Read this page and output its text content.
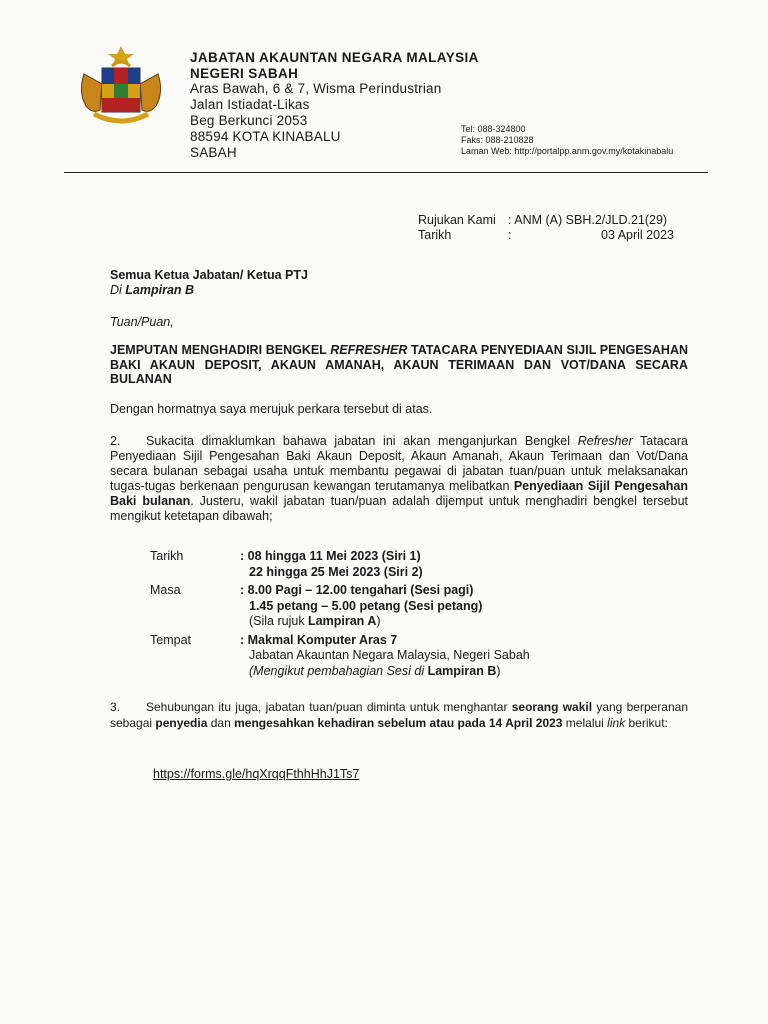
JABATAN AKAUNTAN NEGARA MALAYSIA
NEGERI SABAH
Aras Bawah, 6 & 7, Wisma Perindustrian
Jalan Istiadat-Likas
Beg Berkunci 2053
88594 KOTA KINABALU
SABAH
Tel: 088-324800
Faks: 088-210828
Laman Web: http://portalpp.anm.gov.my/kotakinabalu
Rujukan Kami : ANM (A) SBH.2/JLD.21(29)
Tarikh	:	03 April 2023
Semua Ketua Jabatan/ Ketua PTJ
Di Lampiran B
Tuan/Puan,
JEMPUTAN MENGHADIRI BENGKEL REFRESHER TATACARA PENYEDIAAN SIJIL PENGESAHAN BAKI AKAUN DEPOSIT, AKAUN AMANAH, AKAUN TERIMAAN DAN VOT/DANA SECARA BULANAN
Dengan hormatnya saya merujuk perkara tersebut di atas.
2. Sukacita dimaklumkan bahawa jabatan ini akan menganjurkan Bengkel Refresher Tatacara Penyediaan Sijil Pengesahan Baki Akaun Deposit, Akaun Amanah, Akaun Terimaan dan Vot/Dana secara bulanan sebagai usaha untuk membantu pegawai di jabatan tuan/puan untuk melaksanakan tugas-tugas berkenaan pengurusan kewangan terutamanya melibatkan Penyediaan Sijil Pengesahan Baki bulanan. Justeru, wakil jabatan tuan/puan adalah dijemput untuk menghadiri bengkel tersebut mengikut ketetapan dibawah;
Tarikh	: 08 hingga 11 Mei 2023 (Siri 1)
22 hingga 25 Mei 2023 (Siri 2)
Masa	: 8.00 Pagi – 12.00 tengahari (Sesi pagi)
1.45 petang – 5.00 petang (Sesi petang)
(Sila rujuk Lampiran A)
Tempat	: Makmal Komputer Aras 7
Jabatan Akauntan Negara Malaysia, Negeri Sabah
(Mengikut pembahagian Sesi di Lampiran B)
3. Sehubungan itu juga, jabatan tuan/puan diminta untuk menghantar seorang wakil yang berperanan sebagai penyedia dan mengesahkan kehadiran sebelum atau pada 14 April 2023 melalui link berikut:
https://forms.gle/hqXrqqFthhHhJ1Ts7
